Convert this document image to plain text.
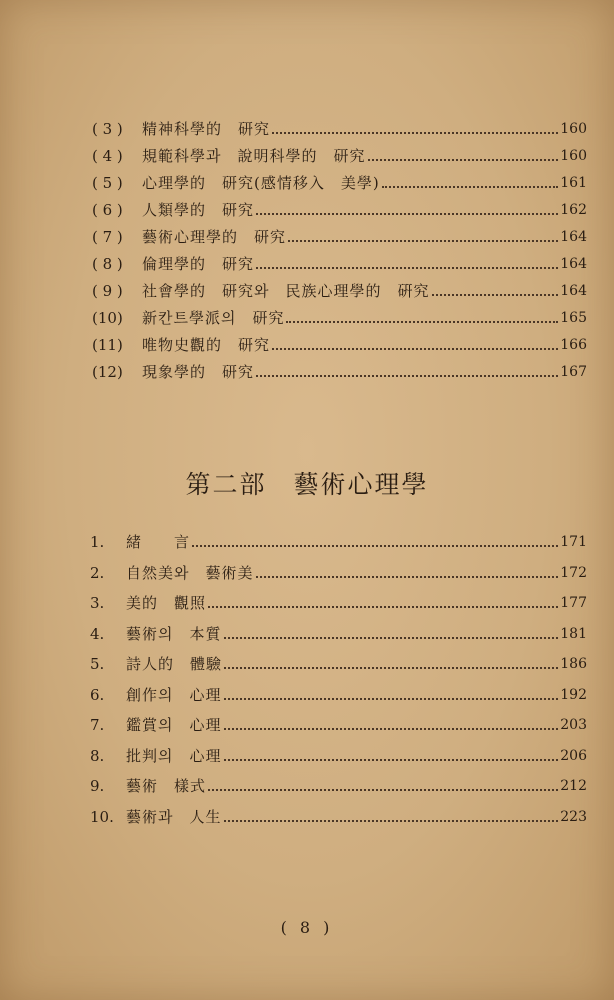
( 3 )	精神科學的　研究	160
( 4 )	規範科學과　說明科學的　研究	160
( 5 )	心理學的　研究(感情移入　美學)	161
( 6 )	人類學的　研究	162
( 7 )	藝術心理學的　研究	164
( 8 )	倫理學的　研究	164
( 9 )	社會學的　研究와　民族心理學的　硏究	164
(10)	新칸트學派의　研究	165
(11)	唯物史觀的　研究	166
(12)	現象學的　研究	167
第二部　藝術心理學
1.	緒　　言	171
2.	自然美와　藝術美	172
3.	美的　觀照	177
4.	藝術의　本質	181
5.	詩人的　體驗	186
6.	創作의　心理	192
7.	鑑賞의　心理	203
8.	批判의　心理	206
9.	藝術　樣式	212
10. 藝術과　人生	223
( 8 )
